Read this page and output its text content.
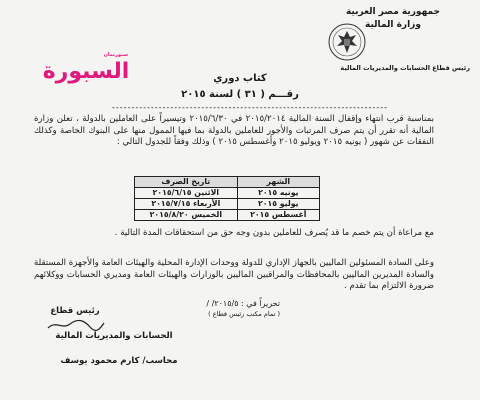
جمهورية مصر العربية
وزارة المالية
رئيس قطاع الحسابات والمديريات المالية
سبورتمان
السبورة	كتاب دوري
رقـــم ( ٣١ ) لسنة ٢٠١٥
-----------------------------------------------------------------------
بمناسبة قرب انتهاء وإقفال السنة المالية ٢٠١٥/٢٠١٤ في ٢٠١٥/٦/٣٠ وتيسيراً على العاملين بالدولة ، تعلن وزارة المالية أنه تقرر أن يتم صرف المرتبات والأجور للعاملين بالدولة بما فيها الممول منها على البنوك الخاصة وكذلك النفقات عن شهور ( يونيه ٢٠١٥ ويوليو ٢٠١٥ وأغسطس ٢٠١٥ ) وذلك وفقاً للجدول التالي :
الشهر	تاريخ الصرف
يونيه ٢٠١٥	الاثنين ٢٠١٥/٦/١٥
يوليو ٢٠١٥	الأربعاء ٢٠١٥/٧/١٥
أغسطس ٢٠١٥	الخميس ٢٠١٥/٨/٢٠
مع مراعاة أن يتم خصم ما قد يُصرف للعاملين بدون وجه حق من استحقاقات المدة التالية .
وعلى السادة المسئولين الماليين بالجهاز الإداري للدولة ووحدات الإدارة المحلية والهيئات العامة والأجهزة المستقلة والسادة المديرين الماليين بالمحافظات والمراقبين الماليين بالوزارات والهيئات العامة ومديري الحسابات ووكلائهم ضرورة الالتزام بما تقدم .
تحريراً في : ٢٠١٥/٥/ /
( تمام مكتب رئيس قطاع )
رئيس قطاع
الحسابات والمديريات المالية
محاسب/ كارم محمود يوسف
